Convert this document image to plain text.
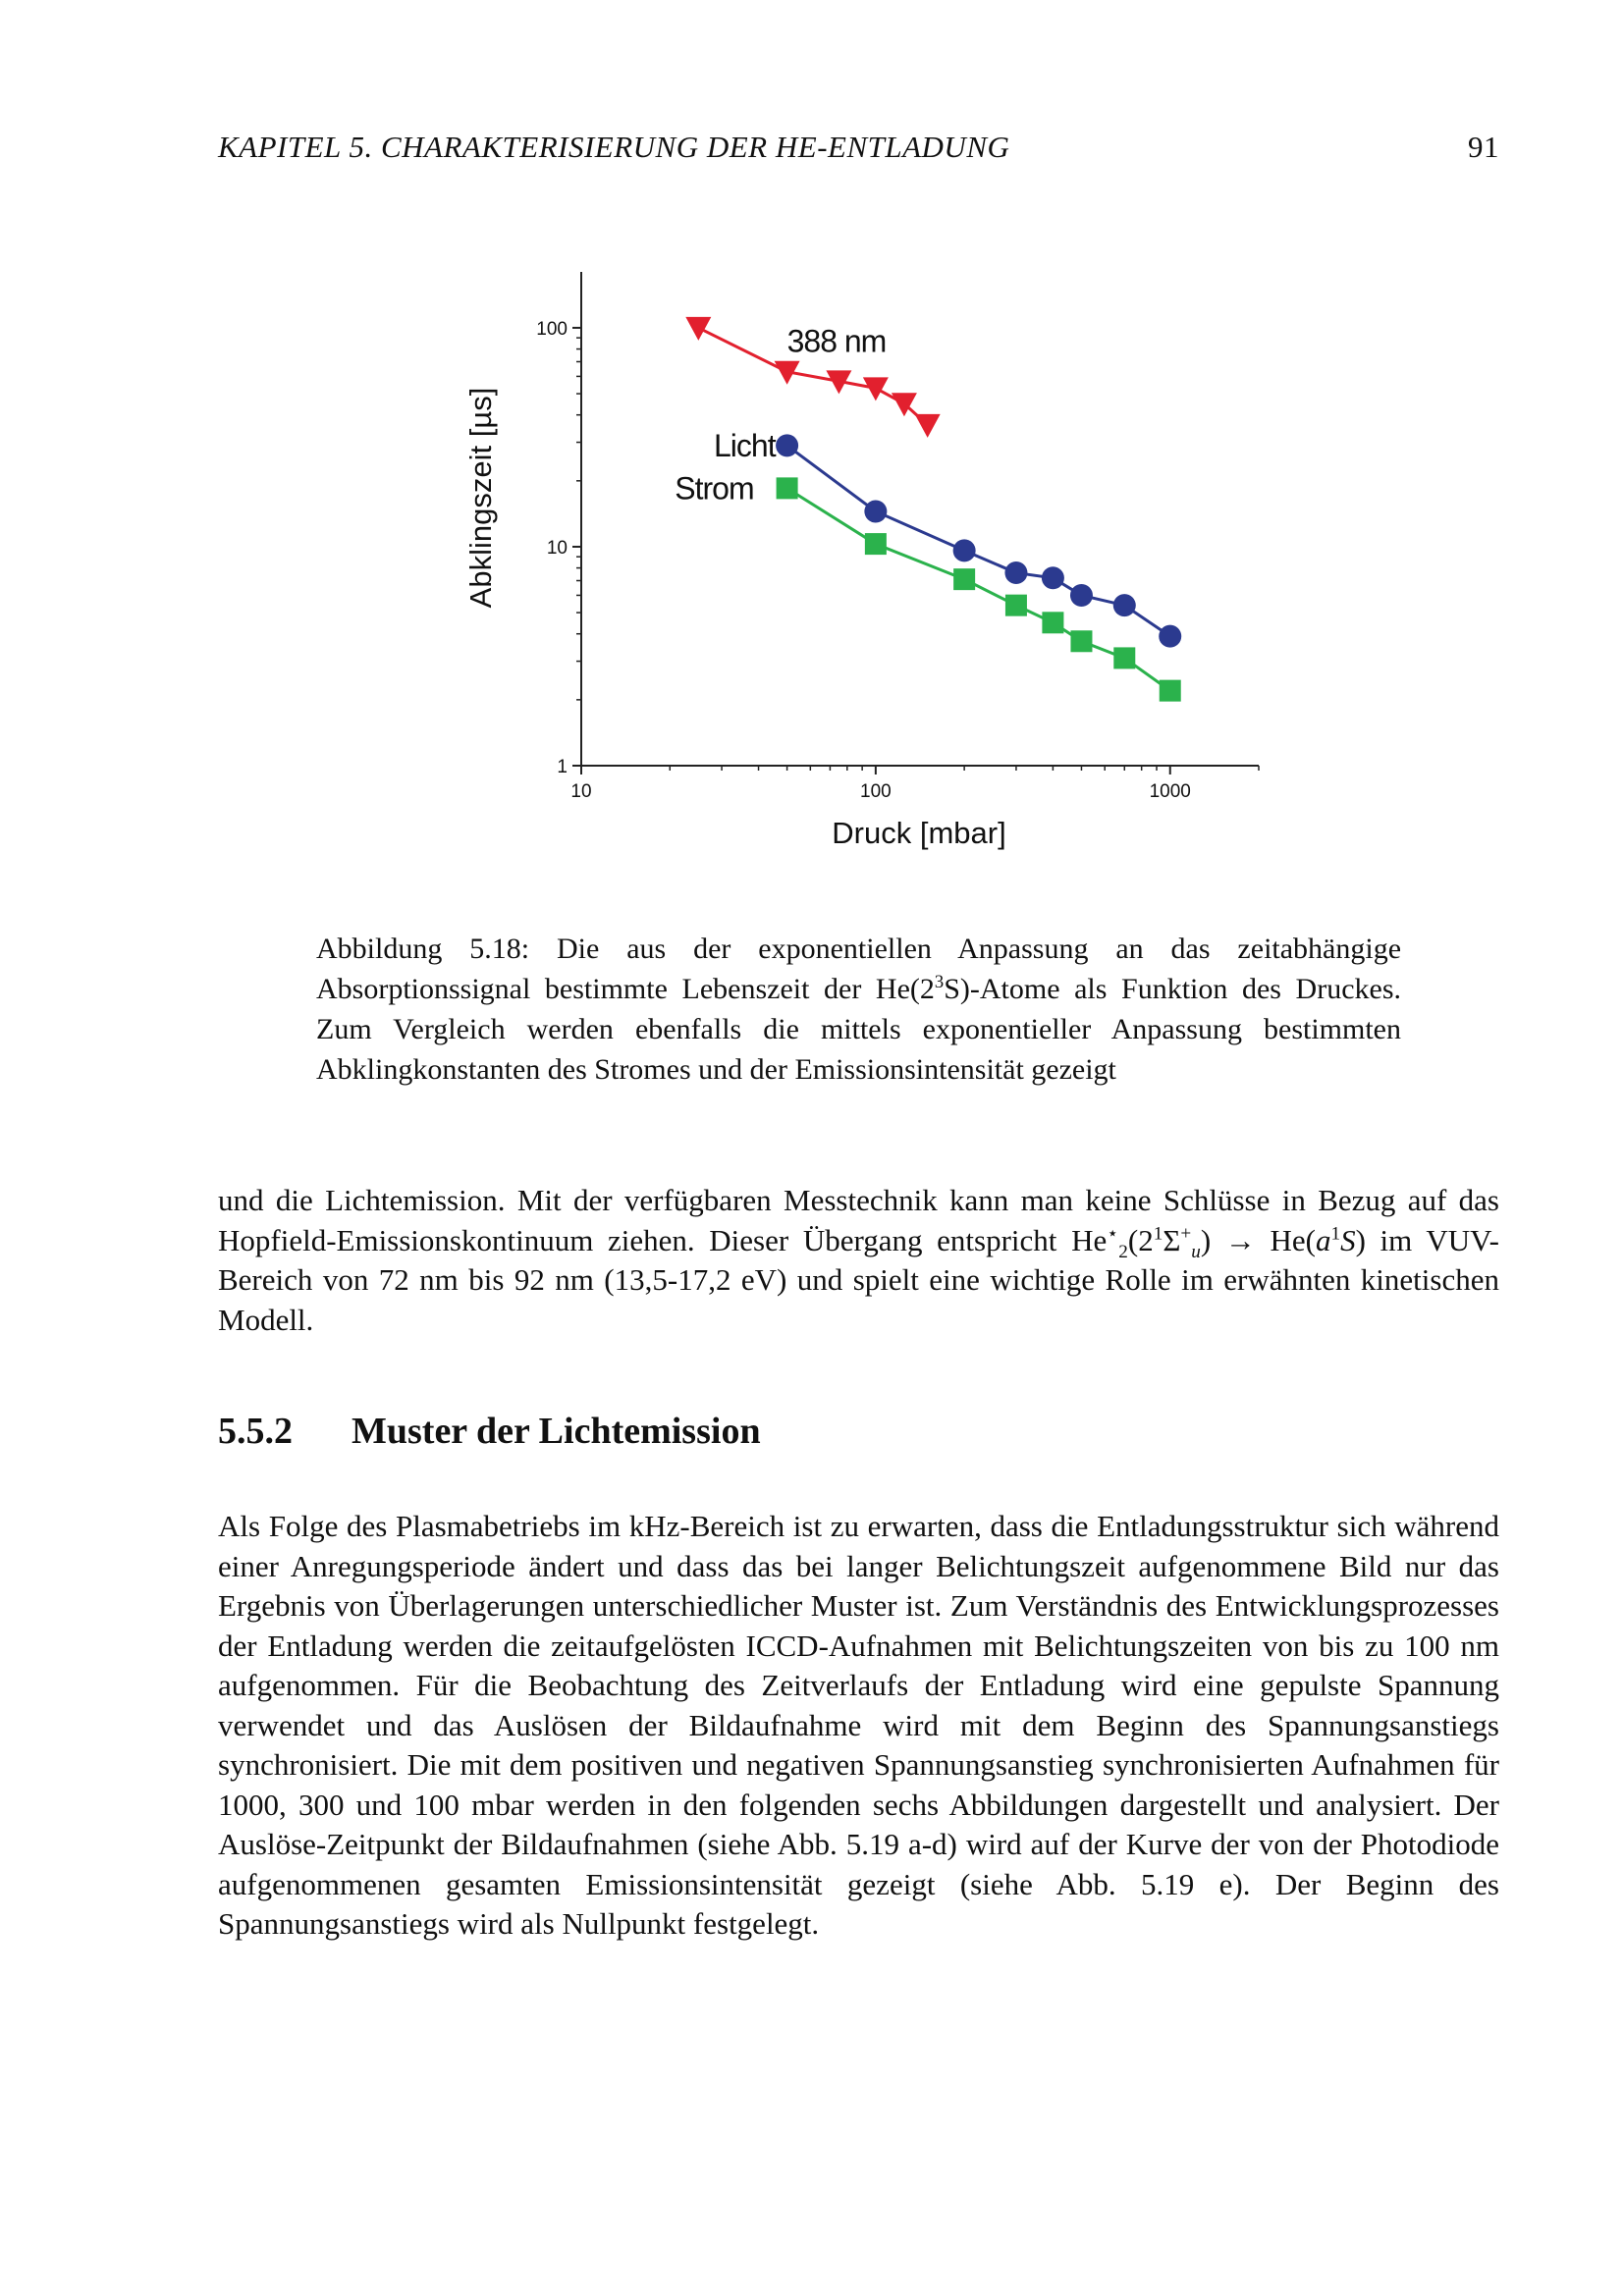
KAPITEL 5. CHARAKTERISIERUNG DER HE-ENTLADUNG	91
1
10
100
10	100	1000
388 nm
Licht
Strom
Abklingszeit [µs]
Druck [mbar]
Abbildung 5.18: Die aus der exponentiellen Anpassung an das zeitabhängige Absorptionssignal bestimmte Lebenszeit der $He(2^3S)$-Atome als Funktion des Druckes. Zum Vergleich werden ebenfalls die mittels exponentieller Anpassung bestimmten Abklingkonstanten des Stromes und der Emissionsintensität gezeigt
und die Lichtemission. Mit der verfügbaren Messtechnik kann man keine Schlüsse in Bezug auf das Hopfield-Emissionskontinuum ziehen. Dieser Übergang entspricht $He^⋆_2(2^1\Sigma^+_u) \to He(a^1S)$ im VUV-Bereich von 72 nm bis 92 nm (13,5-17,2 eV) und spielt eine wichtige Rolle im erwähnten kinetischen Modell.
5.5.2 Muster der Lichtemission
Als Folge des Plasmabetriebs im kHz-Bereich ist zu erwarten, dass die Entladungsstruktur sich während einer Anregungsperiode ändert und dass das bei langer Belichtungszeit aufgenommene Bild nur das Ergebnis von Überlagerungen unterschiedlicher Muster ist. Zum Verständnis des Entwicklungsprozesses der Entladung werden die zeitaufgelösten ICCD-Aufnahmen mit Belichtungszeiten von bis zu 100 nm aufgenommen. Für die Beobachtung des Zeitverlaufs der Entladung wird eine gepulste Spannung verwendet und das Auslösen der Bildaufnahme wird mit dem Beginn des Spannungsanstiegs synchronisiert. Die mit dem positiven und negativen Spannungsanstieg synchronisierten Aufnahmen für 1000, 300 und 100 mbar werden in den folgenden sechs Abbildungen dargestellt und analysiert. Der Auslöse-Zeitpunkt der Bildaufnahmen (siehe Abb. 5.19 a-d) wird auf der Kurve der von der Photodiode aufgenommenen gesamten Emissionsintensität gezeigt (siehe Abb. 5.19 e). Der Beginn des Spannungsanstiegs wird als Nullpunkt festgelegt.
